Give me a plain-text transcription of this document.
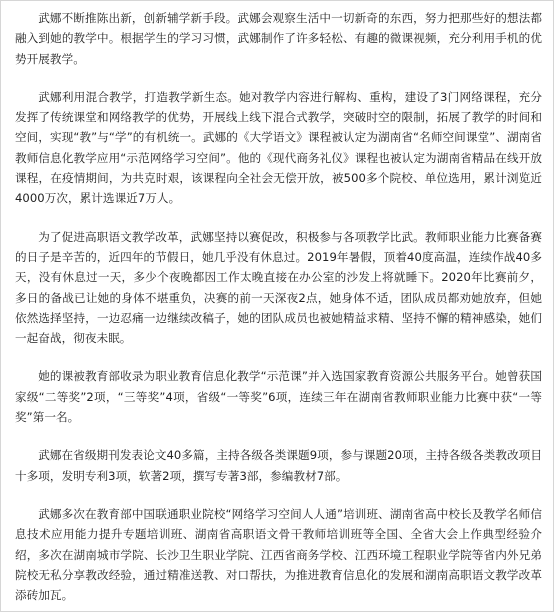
武娜不断推陈出新，创新辅学新手段。武娜会观察生活中一切新奇的东西，努力把那些好的想法都融入到她的教学中。根据学生的学习习惯，武娜制作了许多轻松、有趣的微课视频，充分利用手机的优势开展教学。

武娜利用混合教学，打造教学新生态。她对教学内容进行解构、重构，建设了3门网络课程，充分发挥了传统课堂和网络教学的优势，开展线上线下混合式教学，突破时空的限制，拓展了教学的时间和空间，实现“教”与“学”的有机统一。武娜的《大学语文》课程被认定为湖南省“名师空间课堂”、湖南省教师信息化教学应用“示范网络学习空间”。他的《现代商务礼仪》课程也被认定为湖南省精品在线开放课程，在疫情期间，为共克时艰，该课程向全社会无偿开放，被500多个院校、单位选用，累计浏览近4000万次，累计选课近7万人。

为了促进高职语文教学改革，武娜坚持以赛促改，积极参与各项教学比武。教师职业能力比赛备赛的日子是辛苦的，近四年的节假日，她几乎没有休息过。2019年暑假，顶着40度高温，连续作战40多天，没有休息过一天，多少个夜晚都因工作太晚直接在办公室的沙发上将就睡下。2020年比赛前夕，多日的备战已让她的身体不堪重负，决赛的前一天深夜2点，她身体不适，团队成员都劝她放弃，但她依然选择坚持，一边忍痛一边继续改稿子，她的团队成员也被她精益求精、坚持不懈的精神感染，她们一起奋战，彻夜未眠。

她的课被教育部收录为职业教育信息化教学“示范课”并入选国家教育资源公共服务平台。她曾获国家级“二等奖”2项，“三等奖”4项，省级“一等奖”6项，连续三年在湖南省教师职业能力比赛中获“一等奖”第一名。

武娜在省级期刊发表论文40多篇，主持各级各类课题9项，参与课题20项，主持各级各类教改项目十多项，发明专利3项，软著2项，撰写专著3部，参编教材7部。

武娜多次在教育部中国联通职业院校“网络学习空间人人通”培训班、湖南省高中校长及教学名师信息技术应用能力提升专题培训班、湖南省高职语文骨干教师培训班等全国、全省大会上作典型经验介绍，多次在湖南城市学院、长沙卫生职业学院、江西省商务学校、江西环境工程职业学院等省内外兄弟院校无私分享教改经验，通过精准送教、对口帮扶，为推进教育信息化的发展和湖南高职语文教学改革添砖加瓦。
